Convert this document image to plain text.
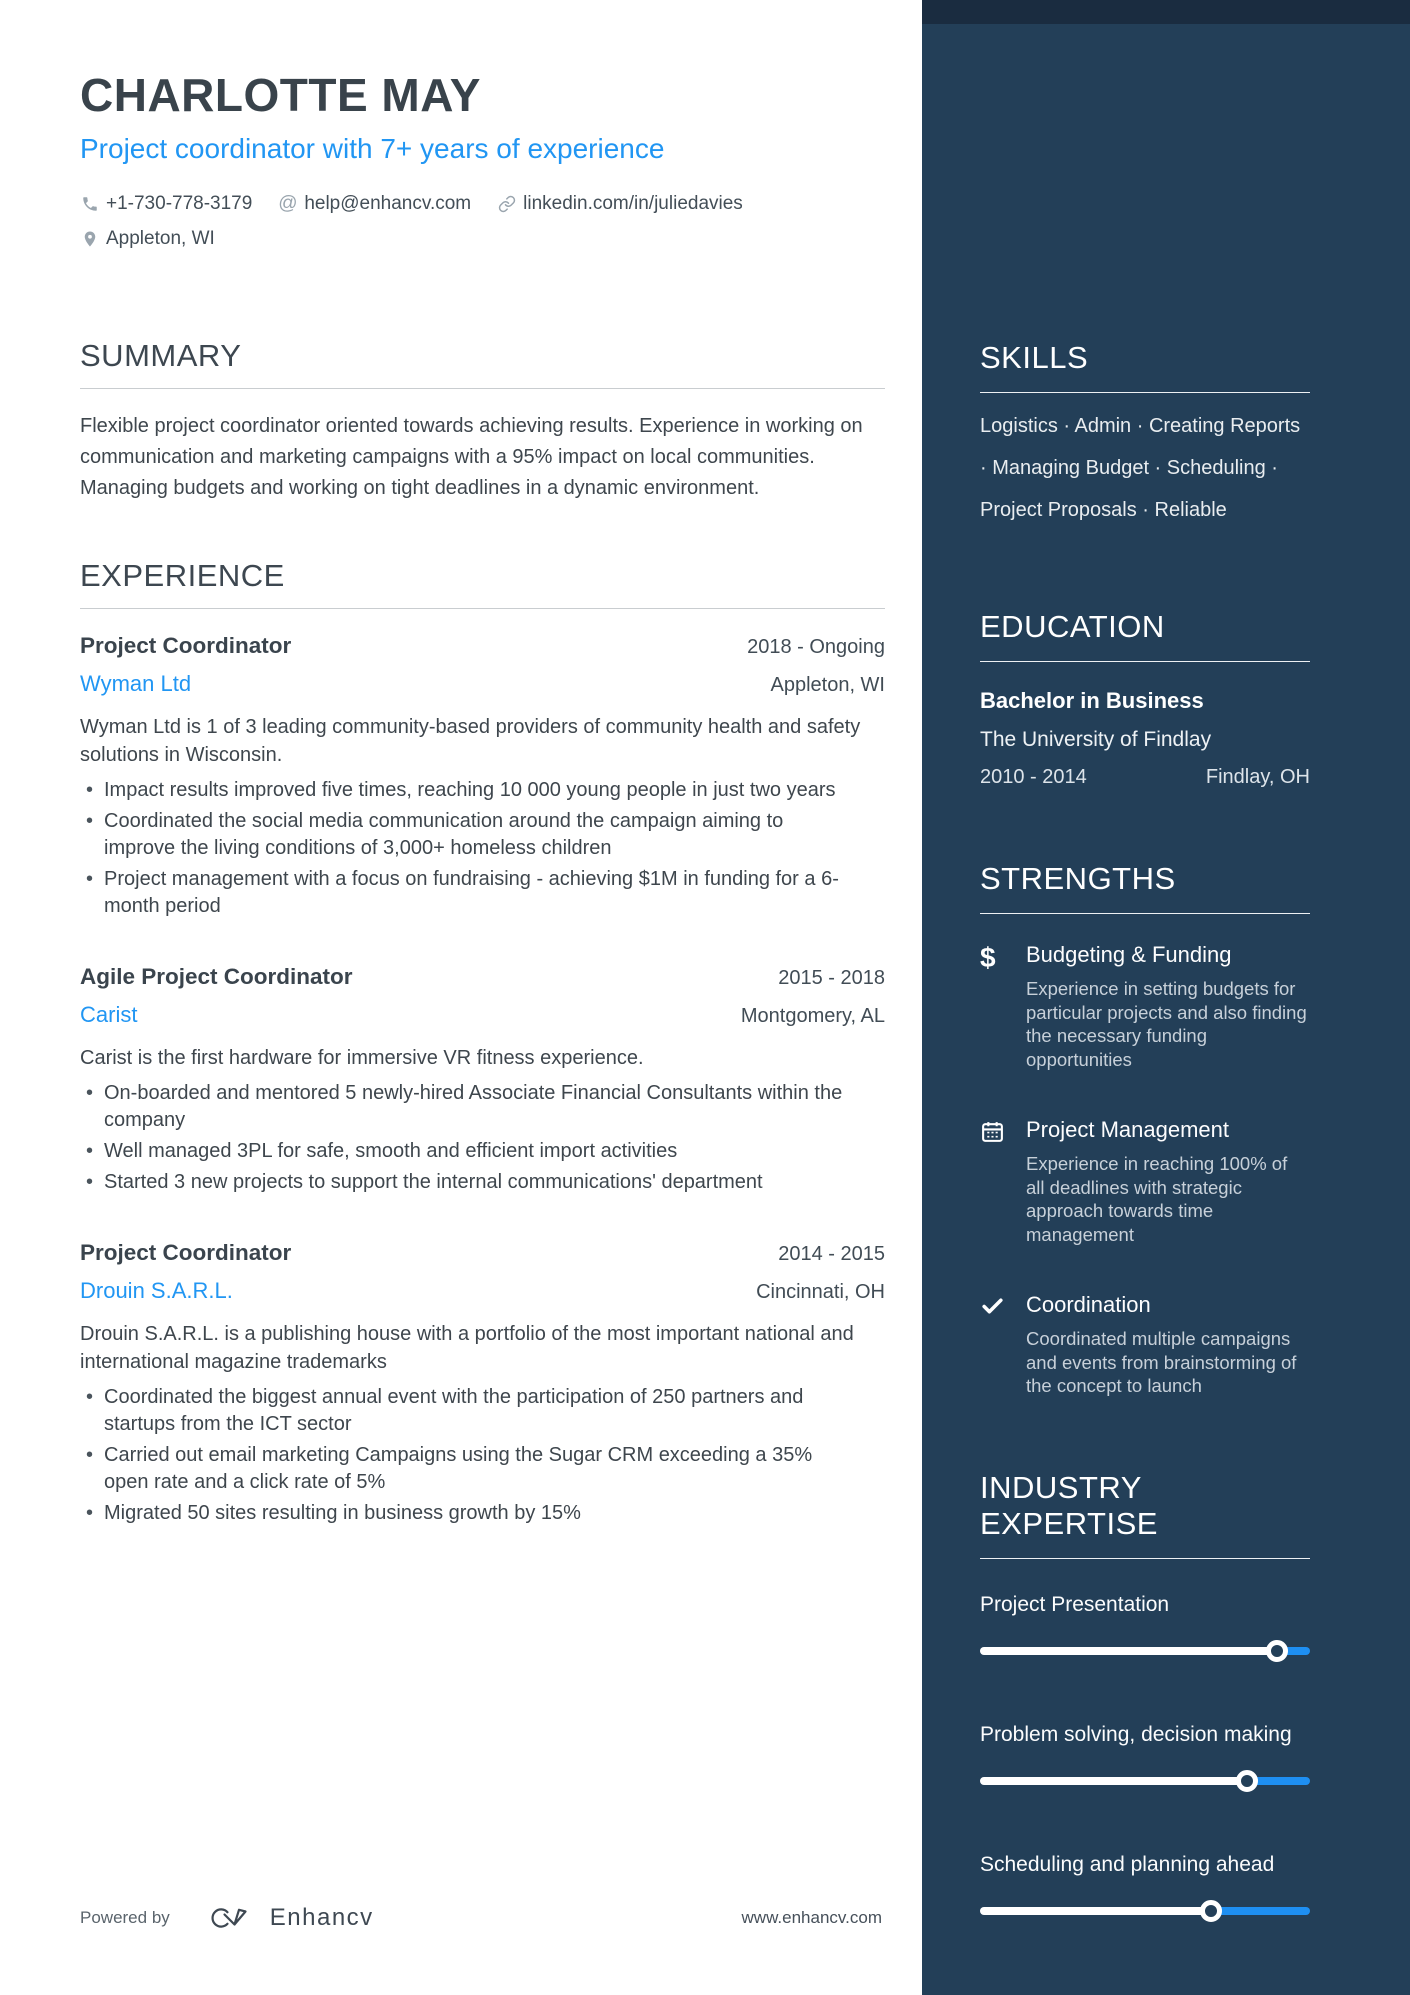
CHARLOTTE MAY
Project coordinator with 7+ years of experience
+1-730-778-3179 @ help@enhancv.com	linkedin.com/in/juliedavies
Appleton, WI
SUMMARY
Flexible project coordinator oriented towards achieving results. Experience in working on communication and marketing campaigns with a 95% impact on local communities. Managing budgets and working on tight deadlines in a dynamic environment.
EXPERIENCE
Project Coordinator	2018 - Ongoing
Wyman Ltd	Appleton, WI
Wyman Ltd is 1 of 3 leading community-based providers of community health and safety solutions in Wisconsin.
• Impact results improved five times, reaching 10 000 young people in just two years
• Coordinated the social media communication around the campaign aiming to improve the living conditions of 3,000+ homeless children
• Project management with a focus on fundraising - achieving $1M in funding for a 6-month period
Agile Project Coordinator	2015 - 2018
Carist	Montgomery, AL
Carist is the first hardware for immersive VR fitness experience.
• On-boarded and mentored 5 newly-hired Associate Financial Consultants within the company
• Well managed 3PL for safe, smooth and efficient import activities
• Started 3 new projects to support the internal communications' department
Project Coordinator	2014 - 2015
Drouin S.A.R.L.	Cincinnati, OH
Drouin S.A.R.L. is a publishing house with a portfolio of the most important national and international magazine trademarks
• Coordinated the biggest annual event with the participation of 250 partners and startups from the ICT sector
• Carried out email marketing Campaigns using the Sugar CRM exceeding a 35% open rate and a click rate of 5%
• Migrated 50 sites resulting in business growth by 15%
Powered by	Enhancv	www.enhancv.com
SKILLS
Logistics · Admin · Creating Reports · Managing Budget · Scheduling · Project Proposals · Reliable
EDUCATION
Bachelor in Business
The University of Findlay
2010 - 2014	Findlay, OH
STRENGTHS
$	Budgeting & Funding
Experience in setting budgets for particular projects and also finding the necessary funding opportunities
Project Management
Experience in reaching 100% of all deadlines with strategic approach towards time management
Coordination
Coordinated multiple campaigns and events from brainstorming of the concept to launch
INDUSTRY EXPERTISE
Project Presentation
Problem solving, decision making
Scheduling and planning ahead
